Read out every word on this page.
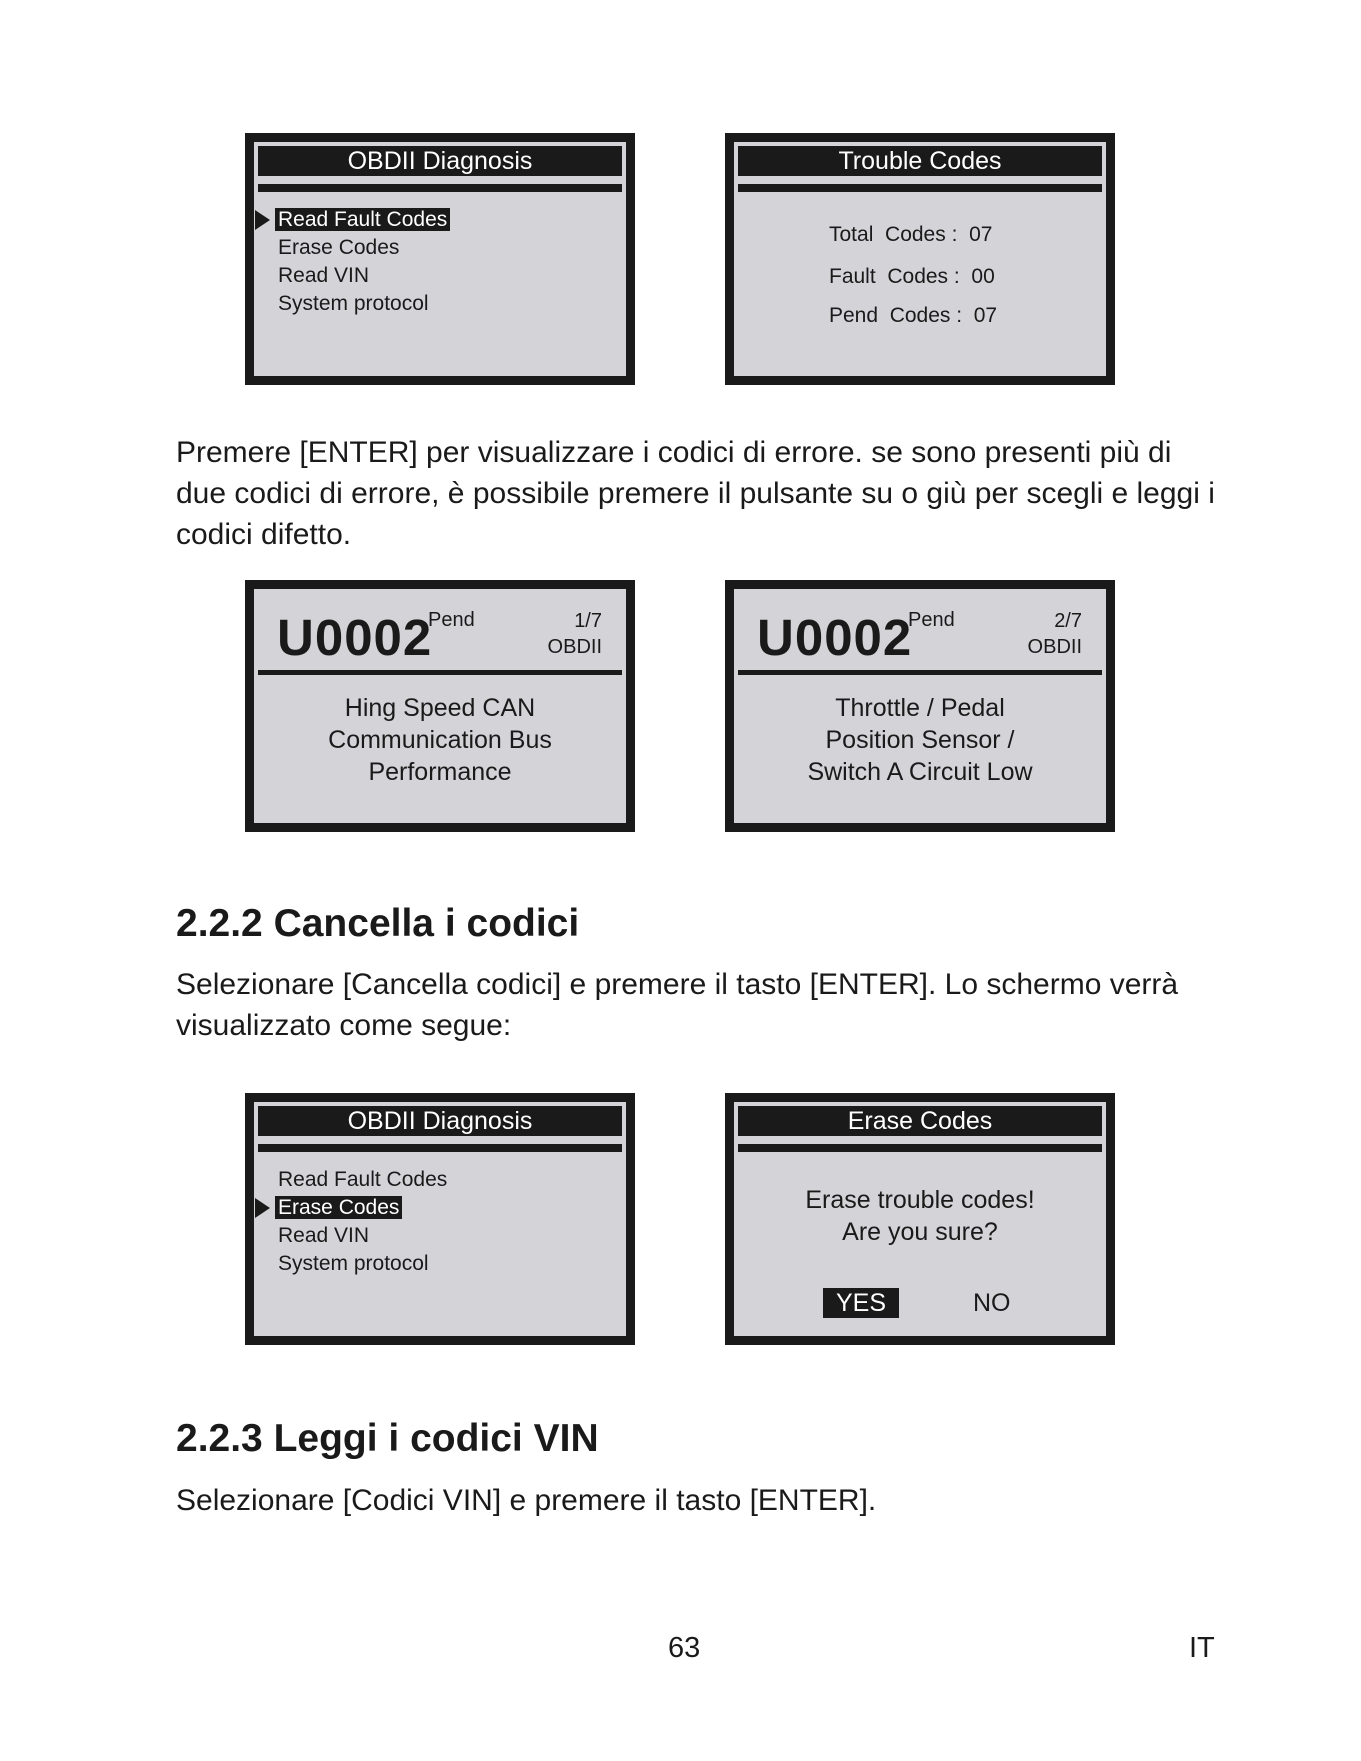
OBDII Diagnosis
Read Fault Codes
Erase Codes
Read VIN
System protocol
Trouble Codes
Total  Codes :  07
Fault  Codes :  00
Pend  Codes :  07

Premere [ENTER] per visualizzare i codici di errore. se sono presenti più di due codici di errore, è possibile premere il pulsante su o giù per scegli e leggi i codici difetto.

U0002
Pend	1/7
OBDII
Hing Speed CAN
Communication Bus
Performance
U0002
Pend	2/7
OBDII
Throttle / Pedal
Position Sensor /
Switch A Circuit Low
2.2.2 Cancella i codici

Selezionare [Cancella codici] e premere il tasto [ENTER]. Lo schermo verrà visualizzato come segue:

OBDII Diagnosis
Read Fault Codes
Erase Codes
Read VIN
System protocol
Erase Codes
Erase trouble codes!
Are you sure?
YES	NO
2.2.3 Leggi i codici VIN

Selezionare [Codici VIN] e premere il tasto [ENTER].

63	IT
